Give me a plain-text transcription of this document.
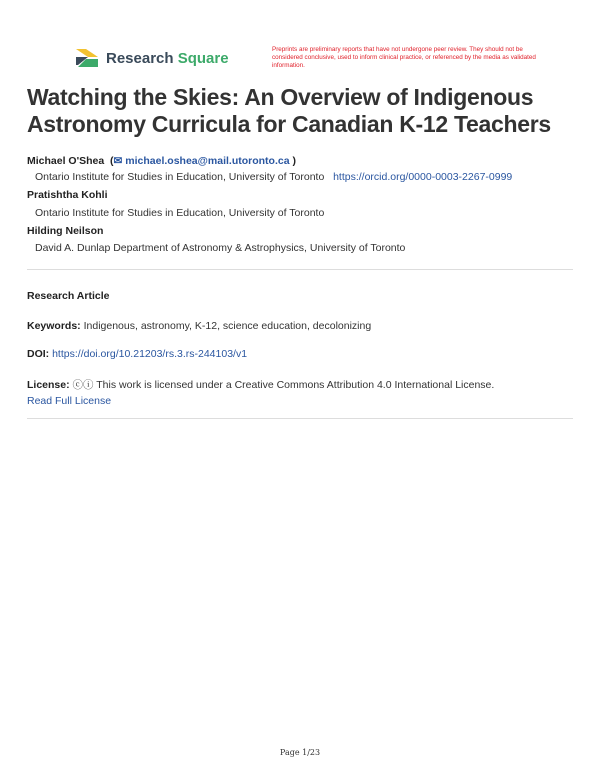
Research Square	Preprints are preliminary reports that have not undergone peer review. They should not be considered conclusive, used to inform clinical practice, or referenced by the media as validated information.
Watching the Skies: An Overview of Indigenous Astronomy Curricula for Canadian K-12 Teachers
Michael O'Shea  (✉ michael.oshea@mail.utoronto.ca )
Ontario Institute for Studies in Education, University of Toronto https://orcid.org/0000-0003-2267-0999
Pratishtha Kohli
Ontario Institute for Studies in Education, University of Toronto
Hilding Neilson
David A. Dunlap Department of Astronomy & Astrophysics, University of Toronto
Research Article
Keywords: Indigenous, astronomy, K-12, science education, decolonizing
DOI: https://doi.org/10.21203/rs.3.rs-244103/v1
License: ⓒⓘ This work is licensed under a Creative Commons Attribution 4.0 International License.
Read Full License
Page 1/23
